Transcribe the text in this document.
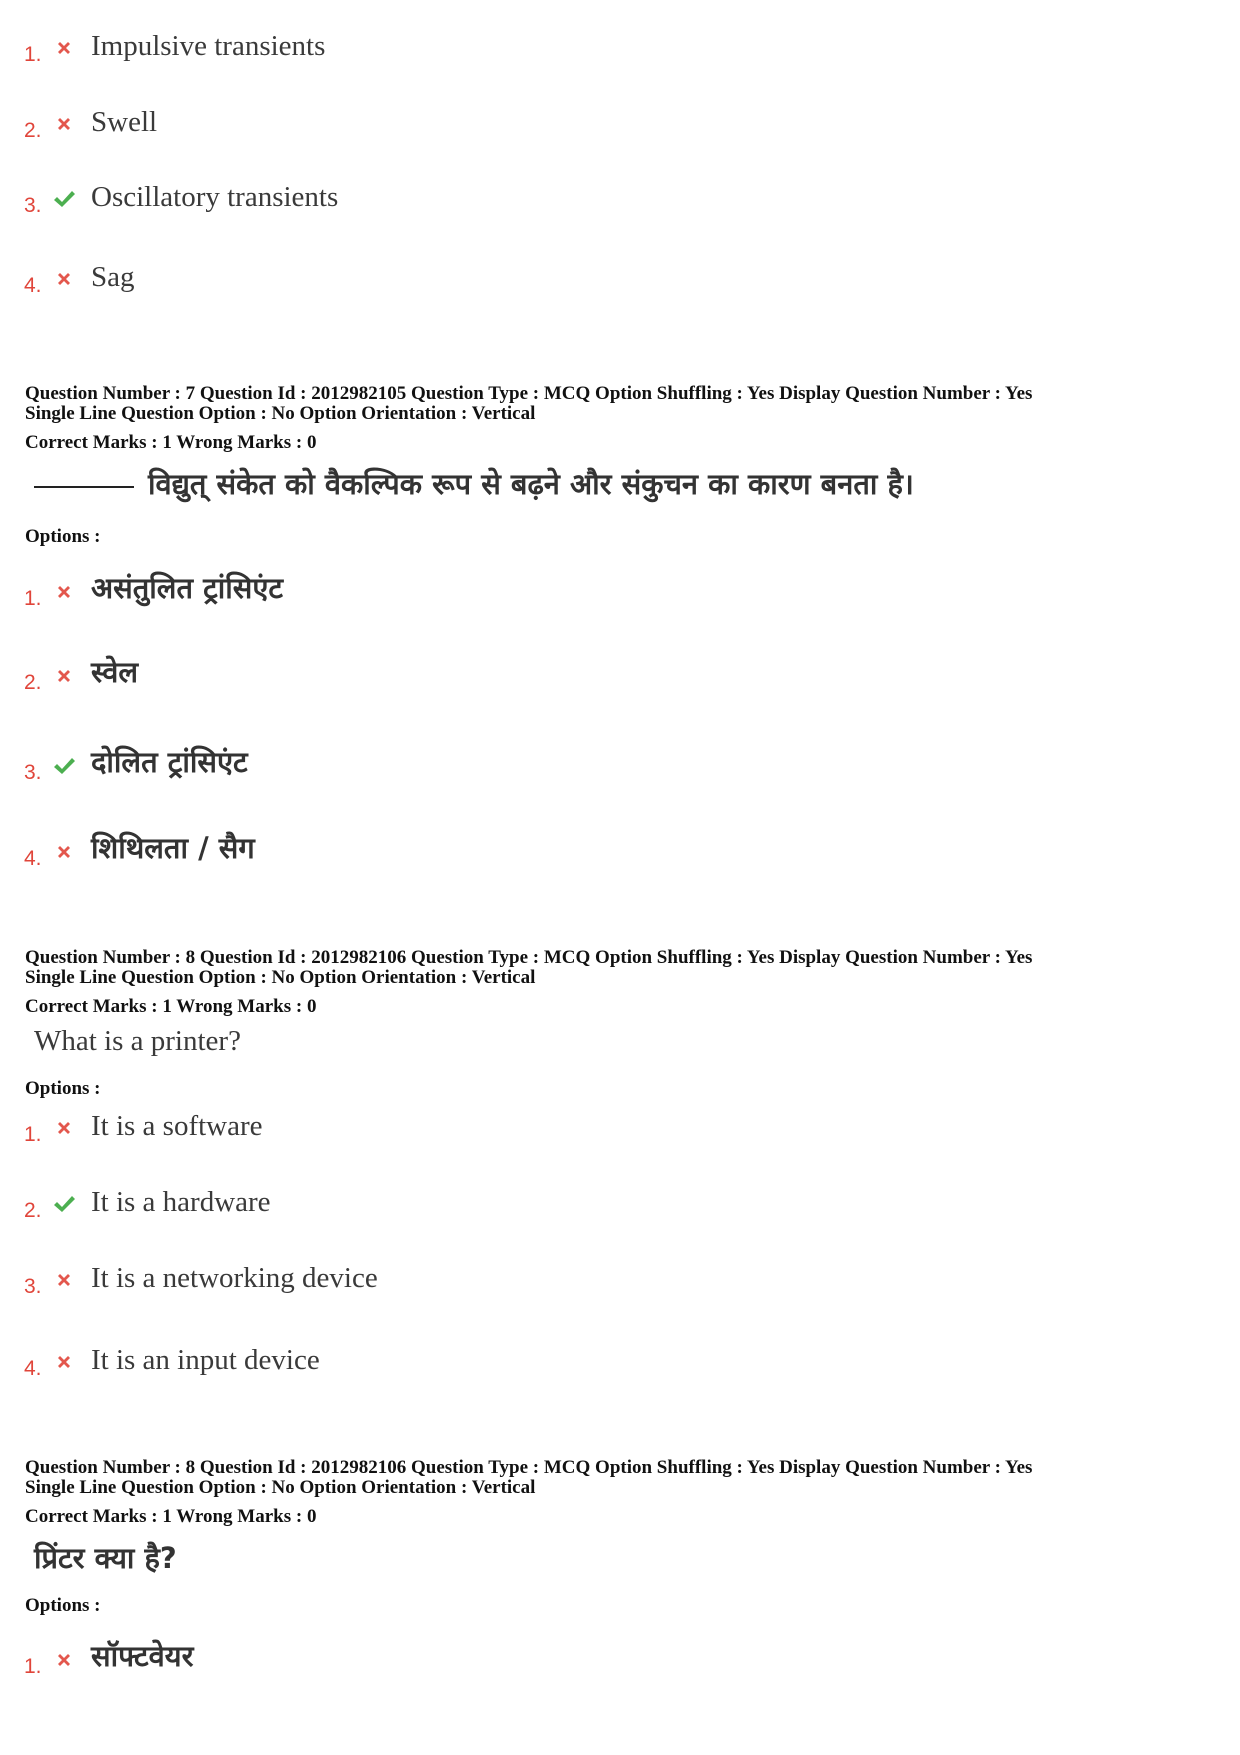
1. Impulsive transients
2. Swell
3. Oscillatory transients
4. Sag
Question Number : 7 Question Id : 2012982105 Question Type : MCQ Option Shuffling : Yes Display Question Number : Yes
Single Line Question Option : No Option Orientation : Vertical
Correct Marks : 1 Wrong Marks : 0
विद्युत् संकेत को वैकल्पिक रूप से बढ़ने और संकुचन का कारण बनता है।
Options :
1. असंतुलित ट्रांसिएंट
2. स्वेल
3. दोलित ट्रांसिएंट
4. शिथिलता / सैग
Question Number : 8 Question Id : 2012982106 Question Type : MCQ Option Shuffling : Yes Display Question Number : Yes
Single Line Question Option : No Option Orientation : Vertical
Correct Marks : 1 Wrong Marks : 0
What is a printer?
Options :
1. It is a software
2. It is a hardware
3. It is a networking device
4. It is an input device
Question Number : 8 Question Id : 2012982106 Question Type : MCQ Option Shuffling : Yes Display Question Number : Yes
Single Line Question Option : No Option Orientation : Vertical
Correct Marks : 1 Wrong Marks : 0
प्रिंटर क्या है?
Options :
1. सॉफ्टवेयर
